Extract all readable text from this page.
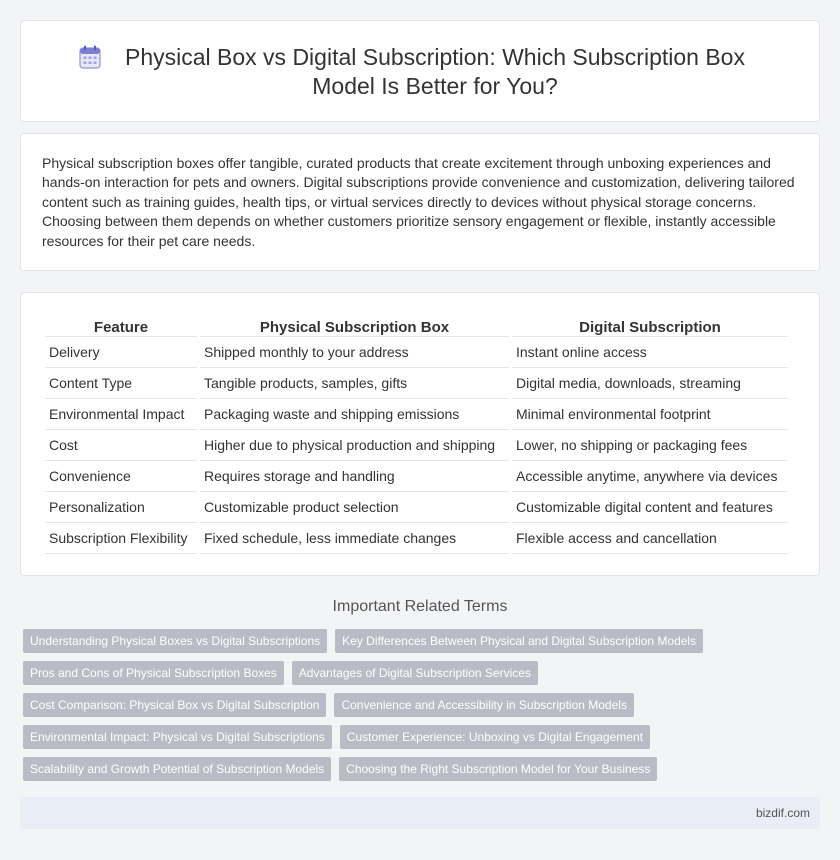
Physical Box vs Digital Subscription: Which Subscription Box Model Is Better for You?

Physical subscription boxes offer tangible, curated products that create excitement through unboxing experiences and hands-on interaction for pets and owners. Digital subscriptions provide convenience and customization, delivering tailored content such as training guides, health tips, or virtual services directly to devices without physical storage concerns. Choosing between them depends on whether customers prioritize sensory engagement or flexible, instantly accessible resources for their pet care needs.

Feature	Physical Subscription Box	Digital Subscription
Delivery	Shipped monthly to your address	Instant online access
Content Type	Tangible products, samples, gifts	Digital media, downloads, streaming
Environmental Impact	Packaging waste and shipping emissions	Minimal environmental footprint
Cost	Higher due to physical production and shipping	Lower, no shipping or packaging fees
Convenience	Requires storage and handling	Accessible anytime, anywhere via devices
Personalization	Customizable product selection	Customizable digital content and features
Subscription Flexibility	Fixed schedule, less immediate changes	Flexible access and cancellation
Important Related Terms
Understanding Physical Boxes vs Digital Subscriptions	Key Differences Between Physical and Digital Subscription Models
Pros and Cons of Physical Subscription Boxes	Advantages of Digital Subscription Services
Cost Comparison: Physical Box vs Digital Subscription	Convenience and Accessibility in Subscription Models
Environmental Impact: Physical vs Digital Subscriptions	Customer Experience: Unboxing vs Digital Engagement
Scalability and Growth Potential of Subscription Models	Choosing the Right Subscription Model for Your Business
bizdif.com
